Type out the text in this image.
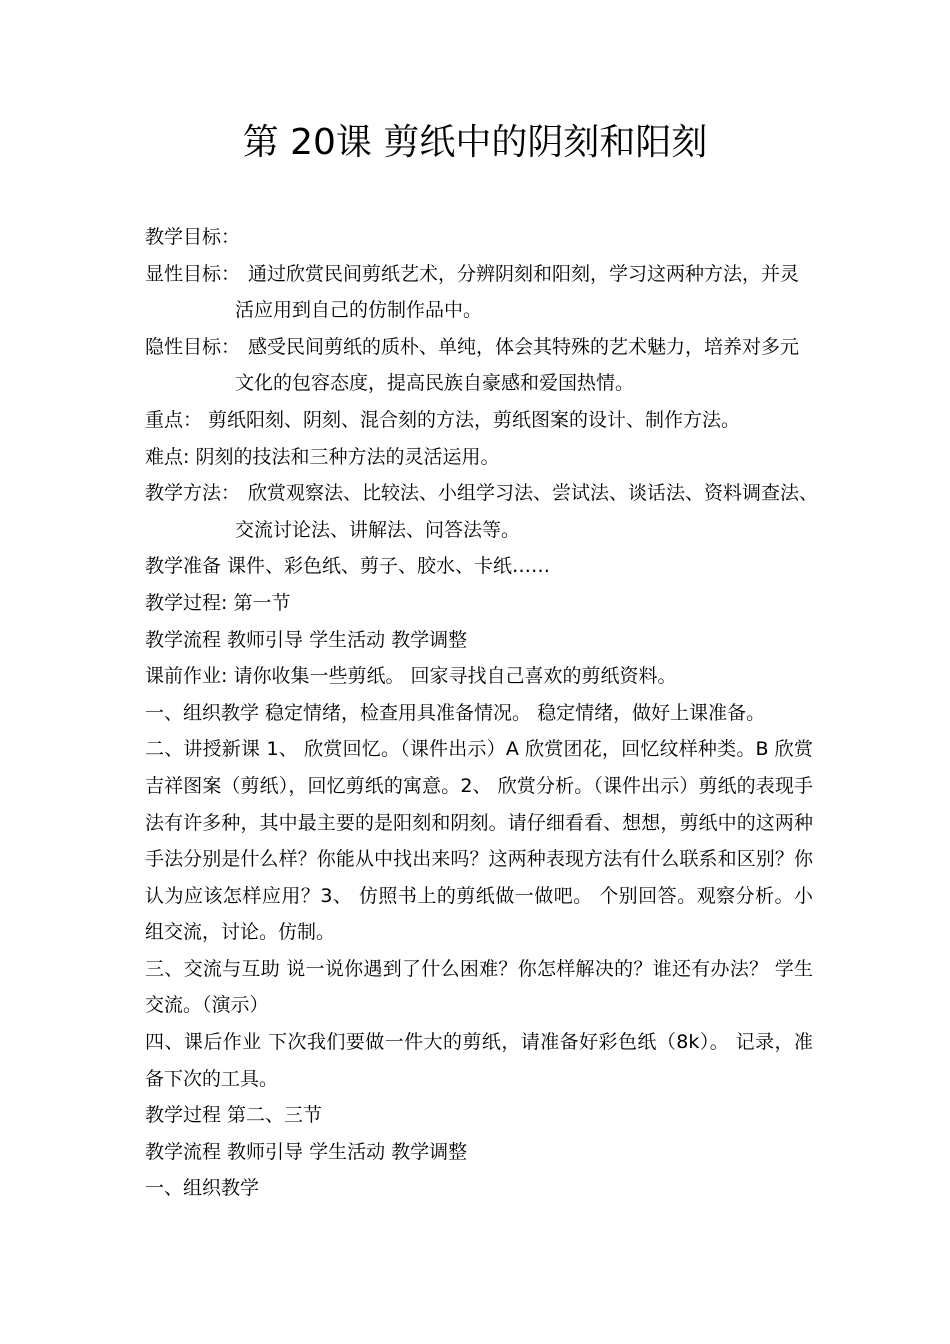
第 20课 剪纸中的阴刻和阳刻
教学目标：
显性目标： 通过欣赏民间剪纸艺术，分辨阴刻和阳刻，学习这两种方法，并灵
活应用到自己的仿制作品中。
隐性目标： 感受民间剪纸的质朴、单纯，体会其特殊的艺术魅力，培养对多元
文化的包容态度，提高民族自豪感和爱国热情。
重点： 剪纸阳刻、阴刻、混合刻的方法，剪纸图案的设计、制作方法。
难点: 阴刻的技法和三种方法的灵活运用。
教学方法： 欣赏观察法、比较法、小组学习法、尝试法、谈话法、资料调查法、
交流讨论法、讲解法、问答法等。
教学准备 课件、彩色纸、剪子、胶水、卡纸……
教学过程: 第一节
教学流程 教师引导 学生活动 教学调整
课前作业: 请你收集一些剪纸。 回家寻找自己喜欢的剪纸资料。
一、组织教学 稳定情绪，检查用具准备情况。 稳定情绪，做好上课准备。
二、讲授新课 1、 欣赏回忆。（课件出示）A 欣赏团花，回忆纹样种类。B 欣赏吉祥图案（剪纸），回忆剪纸的寓意。2、 欣赏分析。（课件出示）剪纸的表现手法有许多种，其中最主要的是阳刻和阴刻。请仔细看看、想想，剪纸中的这两种手法分别是什么样？你能从中找出来吗？这两种表现方法有什么联系和区别？你认为应该怎样应用？3、 仿照书上的剪纸做一做吧。 个别回答。观察分析。小组交流，讨论。仿制。
三、交流与互助 说一说你遇到了什么困难？你怎样解决的？谁还有办法？ 学生交流。（演示）
四、课后作业 下次我们要做一件大的剪纸，请准备好彩色纸（8k）。 记录，准备下次的工具。
教学过程 第二、三节
教学流程 教师引导 学生活动 教学调整
一、组织教学
